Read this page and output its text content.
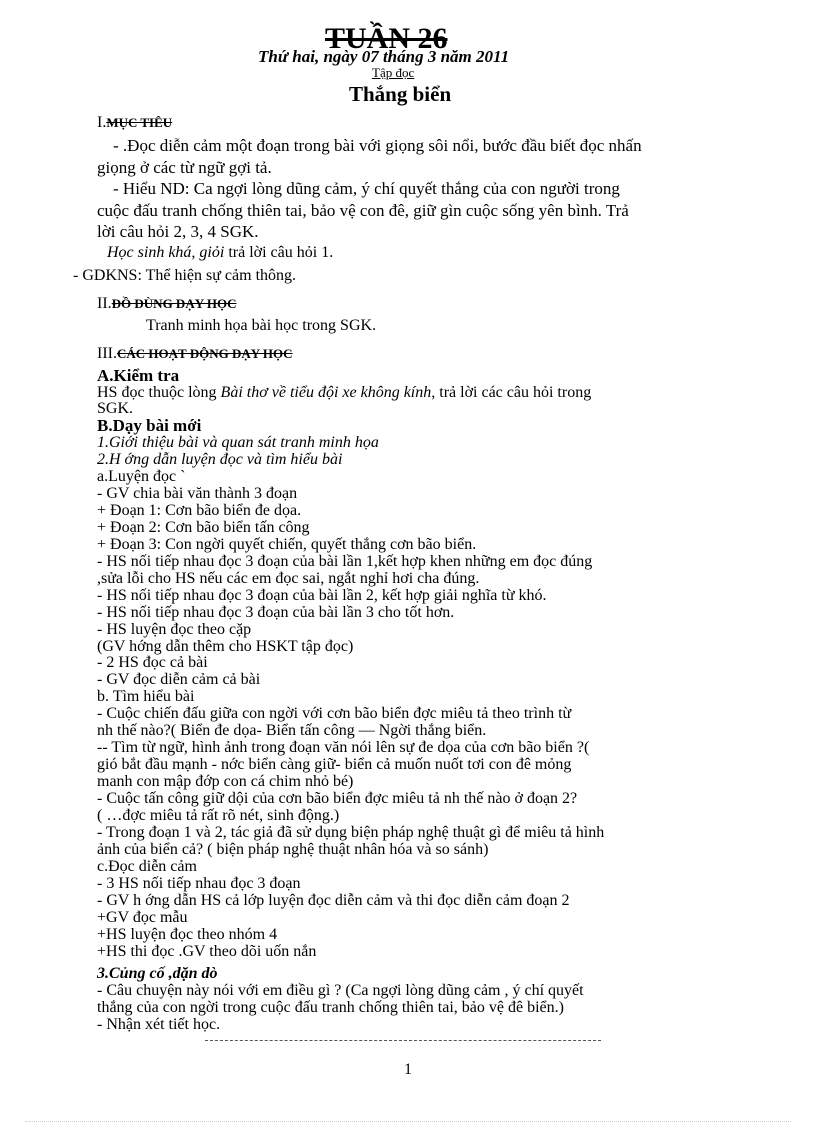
TUẦN 26
Thứ hai, ngày 07 tháng 3 năm 2011
Tập đọc
Thắng biển
I.MỤC TIÊU
- .Đọc diễn cảm một đoạn trong bài với giọng sôi nổi, bước đầu biết đọc nhấn
giọng ở các từ ngữ gợi tả.
- Hiểu ND: Ca ngợi lòng dũng cảm, ý chí quyết thắng của con người trong
cuộc đấu tranh chống thiên tai, bảo vệ con đê, giữ gìn cuộc sống yên bình. Trả
lời câu hỏi 2, 3, 4 SGK.
Học sinh khá, giỏi trả lời câu hỏi 1.
- GDKNS: Thể hiện sự cảm thông.
II.ĐỒ DÙNG DẠY HỌC
Tranh minh họa bài học trong SGK.
III.CÁC HOẠT ĐỘNG DẠY HỌC
A.Kiểm tra
HS đọc thuộc lòng Bài thơ về tiểu đội xe không kính, trả lời các câu hỏi trong
SGK.
B.Dạy bài mới
1.Giới thiệu bài và quan sát tranh minh họa
2.H ớng dẫn luyện đọc và tìm hiểu bài
a.Luyện đọc `
- GV chia bài văn thành 3 đoạn
+ Đoạn 1: Cơn bão biển đe dọa.
+ Đoạn 2: Cơn bão biển tấn công
+ Đoạn 3: Con ngời quyết chiến, quyết thắng cơn bão biển.
- HS nối tiếp nhau đọc 3 đoạn của bài lần 1,kết hợp khen những em đọc đúng
,sửa lỗi cho HS nếu các em đọc sai, ngắt nghỉ hơi cha đúng.
- HS nối tiếp nhau đọc 3 đoạn của bài lần 2, kết hợp giải nghĩa từ khó.
- HS nối tiếp nhau đọc 3 đoạn của bài lần 3 cho tốt hơn.
- HS luyện đọc theo cặp
(GV hớng dẫn thêm cho HSKT tập đọc)
- 2 HS đọc cả bài
- GV đọc diễn cảm cả bài
b. Tìm hiểu bài
- Cuộc chiến đấu giữa con ngời với cơn bão biển đợc miêu tả theo trình từ
nh thế nào?( Biển đe dọa- Biển tấn công — Ngời thắng biển.
-- Tìm từ ngữ, hình ảnh trong đoạn văn nói lên sự đe dọa của cơn bão biển ?(
gió bắt đầu mạnh - nớc biển càng giữ- biển cả muốn nuốt tơi con đê mỏng
manh con mập đớp con cá chim nhỏ bé)
- Cuộc tấn công giữ dội của cơn bão biển đợc miêu tả nh thế nào ở đoạn 2?
( …đợc miêu tả rất rõ nét, sinh động.)
- Trong đoạn 1 và 2, tác giả đã sử dụng biện pháp nghệ thuật gì để miêu tả hình
ảnh của biển cả? ( biện pháp nghệ thuật nhân hóa và so sánh)
c.Đọc diễn cảm
- 3 HS nối tiếp nhau đọc 3 đoạn
- GV h ớng dẫn HS cả lớp luyện đọc diễn cảm và thi đọc diễn cảm đoạn 2
+GV đọc mẫu
+HS luyện đọc theo nhóm 4
+HS thi đọc .GV theo dõi uốn nắn
3.Củng cố ,dặn dò
- Câu chuyện này nói với em điều gì ? (Ca ngợi lòng dũng cảm , ý chí quyết
thắng của con ngời trong cuộc đấu tranh chống thiên tai, bảo vệ đê biển.)
- Nhận xét tiết học.
1
